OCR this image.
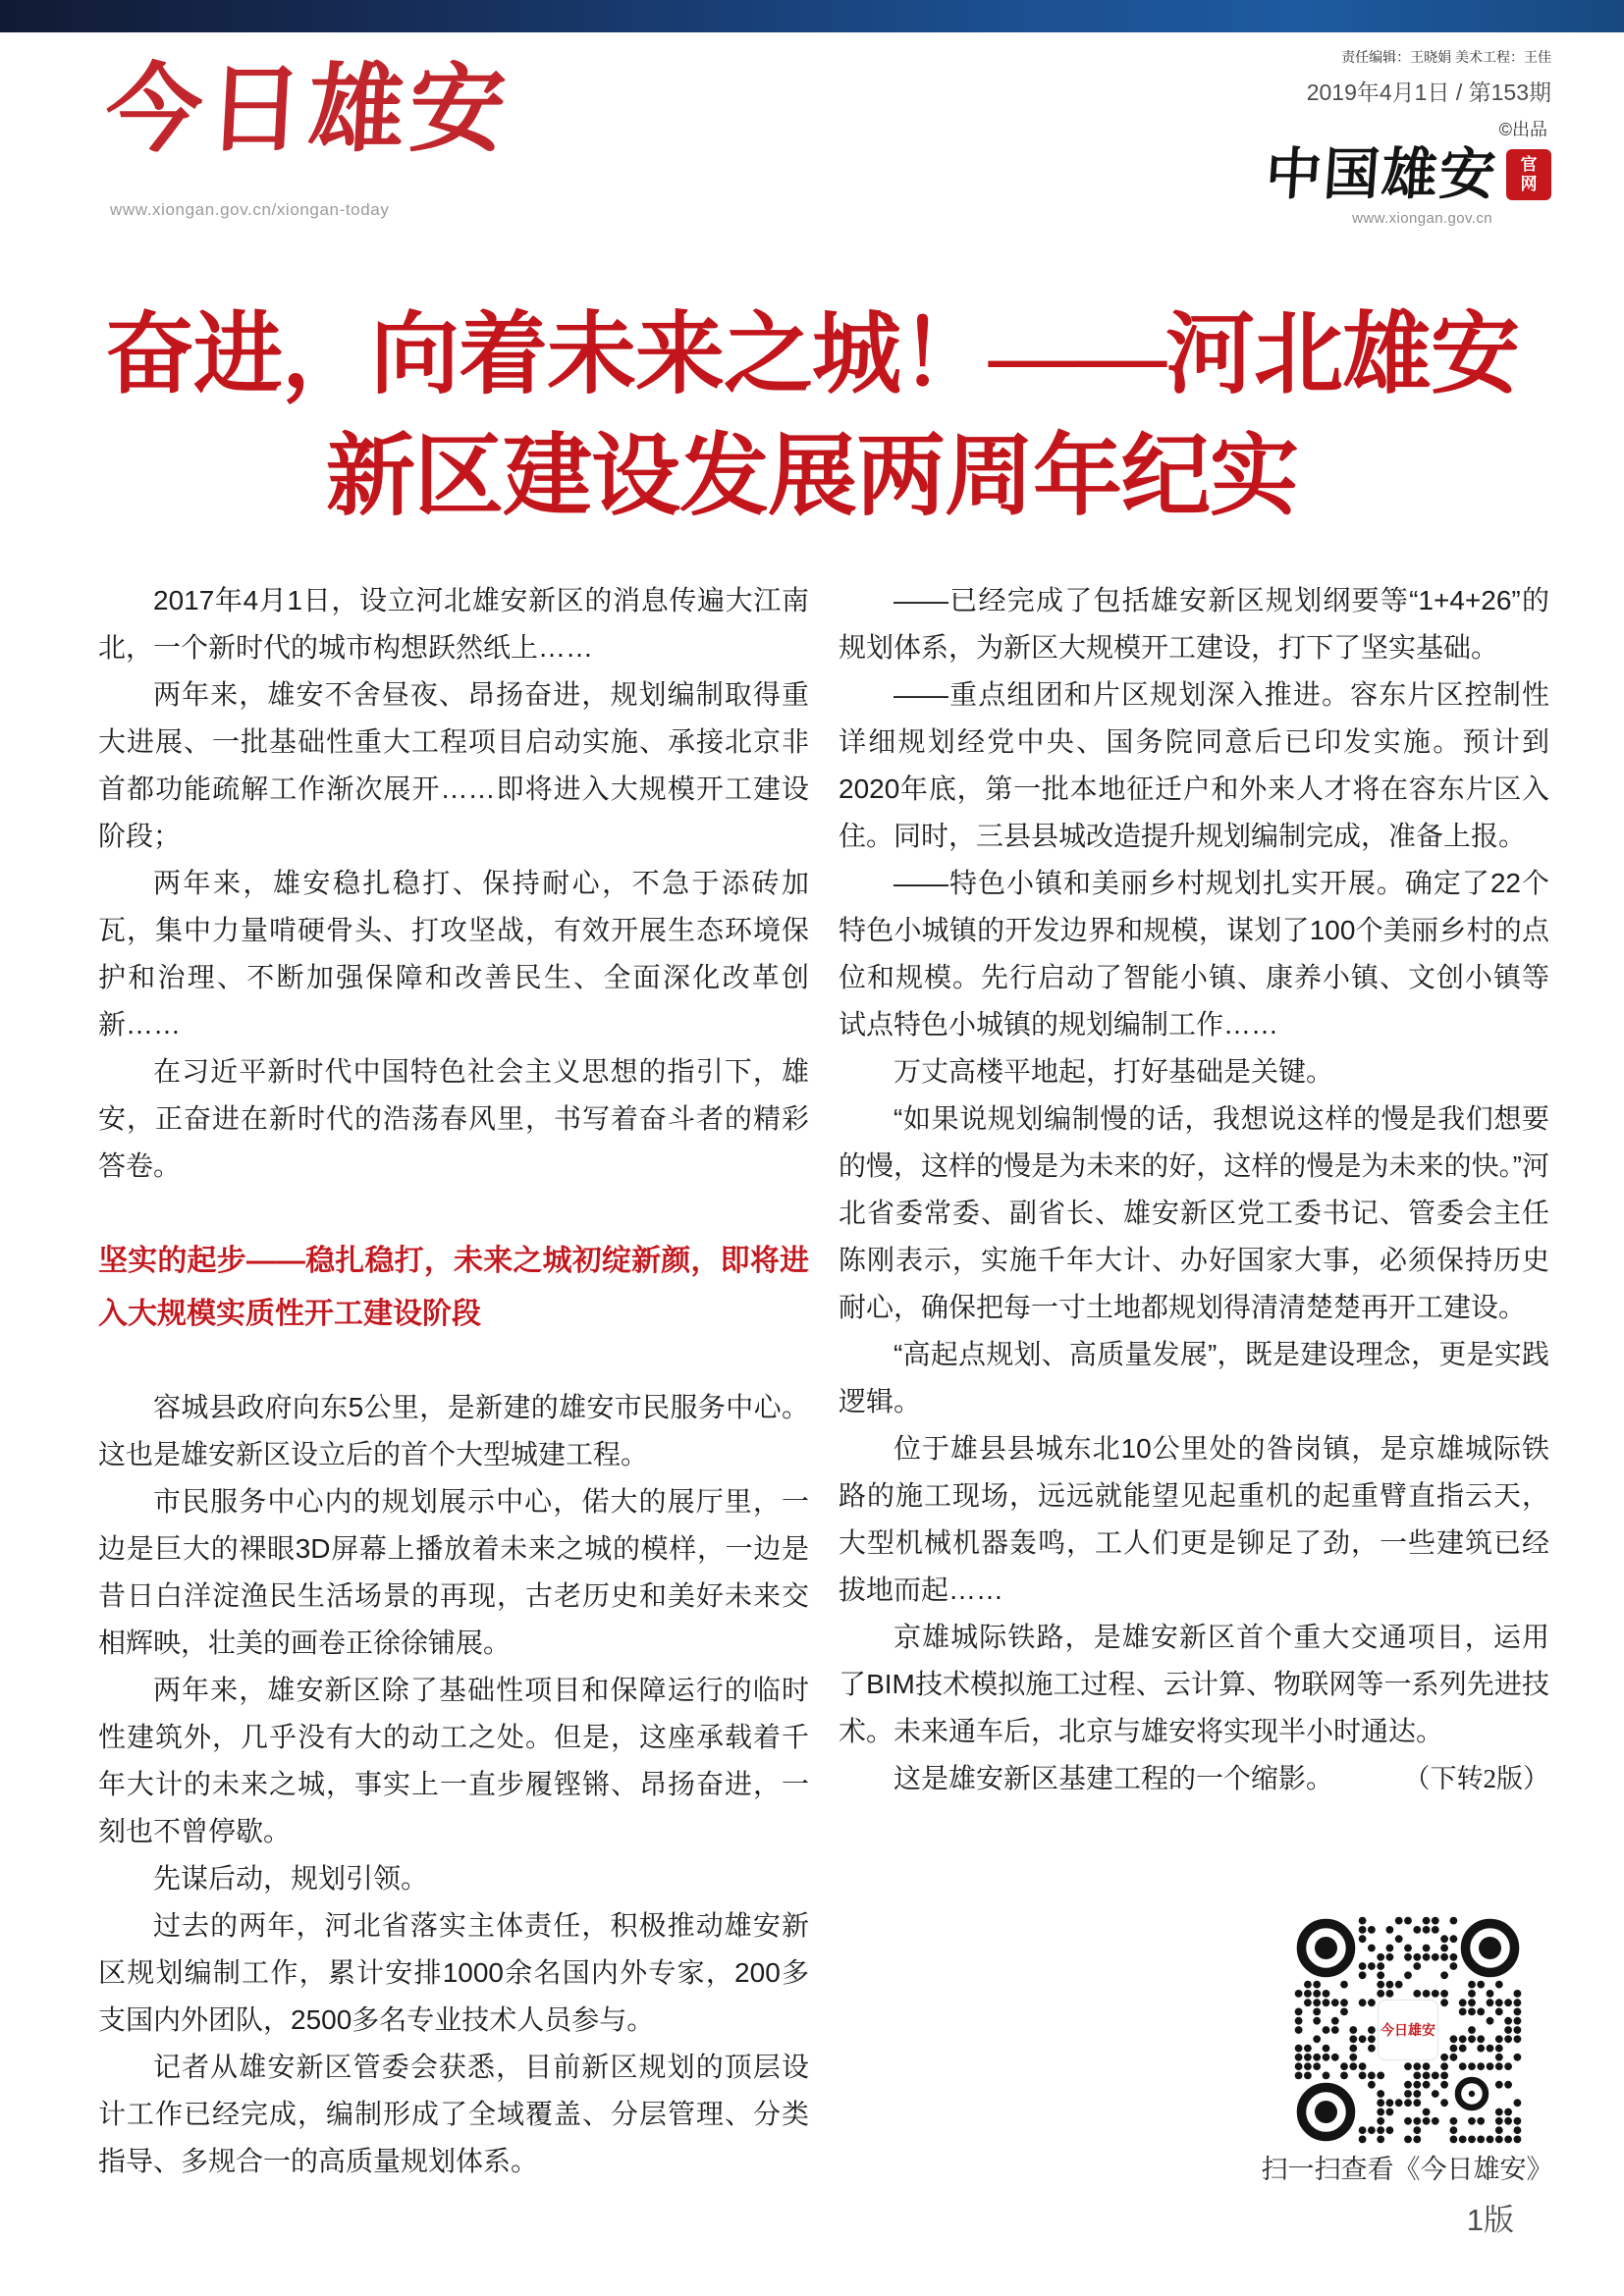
今日雄安
www.xiongan.gov.cn/xiongan-today

责任编辑：王晓娟 美术工程：王佳

2019年4月1日 / 第153期

©出品
中国雄安 官
网
www.xiongan.gov.cn
奋进，向着未来之城！——河北雄安
新区建设发展两周年纪实

2017年4月1日，设立河北雄安新区的消息传遍大江南北，一个新时代的城市构想跃然纸上……

两年来，雄安不舍昼夜、昂扬奋进，规划编制取得重大进展、一批基础性重大工程项目启动实施、承接北京非首都功能疏解工作渐次展开……即将进入大规模开工建设阶段；

两年来，雄安稳扎稳打、保持耐心，不急于添砖加瓦，集中力量啃硬骨头、打攻坚战，有效开展生态环境保护和治理、不断加强保障和改善民生、全面深化改革创新……

在习近平新时代中国特色社会主义思想的指引下，雄安，正奋进在新时代的浩荡春风里，书写着奋斗者的精彩答卷。

坚实的起步——稳扎稳打，未来之城初绽新颜，即将进入大规模实质性开工建设阶段

容城县政府向东5公里，是新建的雄安市民服务中心。这也是雄安新区设立后的首个大型城建工程。

市民服务中心内的规划展示中心，偌大的展厅里，一边是巨大的裸眼3D屏幕上播放着未来之城的模样，一边是昔日白洋淀渔民生活场景的再现，古老历史和美好未来交相辉映，壮美的画卷正徐徐铺展。

两年来，雄安新区除了基础性项目和保障运行的临时性建筑外，几乎没有大的动工之处。但是，这座承载着千年大计的未来之城，事实上一直步履铿锵、昂扬奋进，一刻也不曾停歇。

先谋后动，规划引领。

过去的两年，河北省落实主体责任，积极推动雄安新区规划编制工作，累计安排1000余名国内外专家，200多支国内外团队，2500多名专业技术人员参与。

记者从雄安新区管委会获悉，目前新区规划的顶层设计工作已经完成，编制形成了全域覆盖、分层管理、分类指导、多规合一的高质量规划体系。

——已经完成了包括雄安新区规划纲要等“1+4+26”的规划体系，为新区大规模开工建设，打下了坚实基础。

——重点组团和片区规划深入推进。容东片区控制性详细规划经党中央、国务院同意后已印发实施。预计到2020年底，第一批本地征迁户和外来人才将在容东片区入住。同时，三县县城改造提升规划编制完成，准备上报。

——特色小镇和美丽乡村规划扎实开展。确定了22个特色小城镇的开发边界和规模，谋划了100个美丽乡村的点位和规模。先行启动了智能小镇、康养小镇、文创小镇等试点特色小城镇的规划编制工作……

万丈高楼平地起，打好基础是关键。

“如果说规划编制慢的话，我想说这样的慢是我们想要的慢，这样的慢是为未来的好，这样的慢是为未来的快。”河北省委常委、副省长、雄安新区党工委书记、管委会主任陈刚表示，实施千年大计、办好国家大事，必须保持历史耐心，确保把每一寸土地都规划得清清楚楚再开工建设。

“高起点规划、高质量发展”，既是建设理念，更是实践逻辑。

位于雄县县城东北10公里处的昝岗镇，是京雄城际铁路的施工现场，远远就能望见起重机的起重臂直指云天，大型机械机器轰鸣，工人们更是铆足了劲，一些建筑已经拔地而起……

京雄城际铁路，是雄安新区首个重大交通项目，运用了BIM技术模拟施工过程、云计算、物联网等一系列先进技术。未来通车后，北京与雄安将实现半小时通达。

这是雄安新区基建工程的一个缩影。	（下转2版）

今日雄安
扫一扫查看《今日雄安》
1版
